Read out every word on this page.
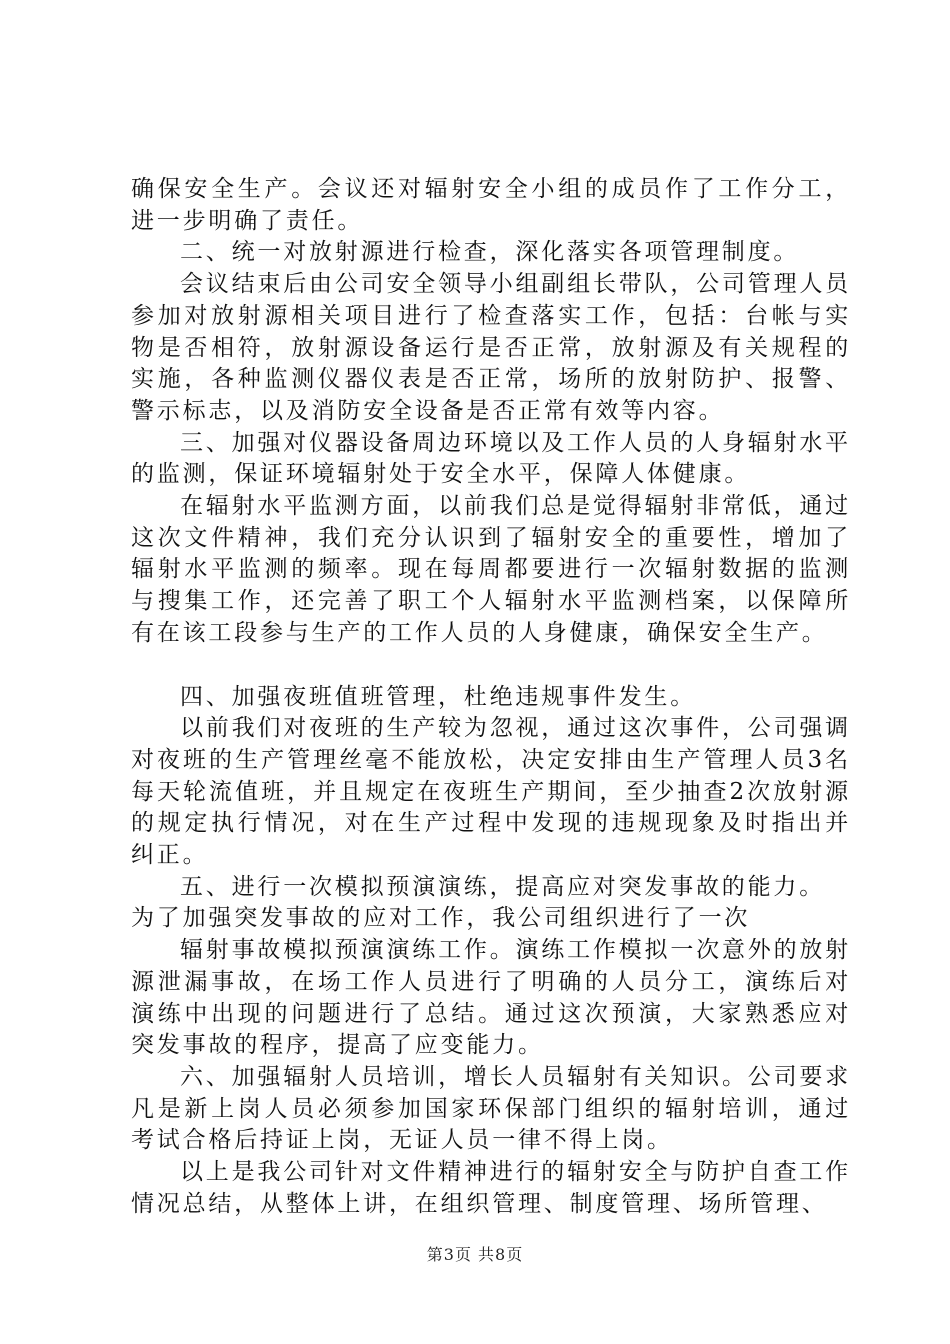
确保安全生产。会议还对辐射安全小组的成员作了工作分工，进一步明确了责任。

二、统一对放射源进行检查，深化落实各项管理制度。

会议结束后由公司安全领导小组副组长带队，公司管理人员参加对放射源相关项目进行了检查落实工作，包括：台帐与实物是否相符，放射源设备运行是否正常，放射源及有关规程的实施，各种监测仪器仪表是否正常，场所的放射防护、报警、警示标志，以及消防安全设备是否正常有效等内容。

三、加强对仪器设备周边环境以及工作人员的人身辐射水平的监测，保证环境辐射处于安全水平，保障人体健康。

在辐射水平监测方面，以前我们总是觉得辐射非常低，通过这次文件精神，我们充分认识到了辐射安全的重要性，增加了辐射水平监测的频率。现在每周都要进行一次辐射数据的监测与搜集工作，还完善了职工个人辐射水平监测档案，以保障所有在该工段参与生产的工作人员的人身健康，确保安全生产。

四、加强夜班值班管理，杜绝违规事件发生。

以前我们对夜班的生产较为忽视，通过这次事件，公司强调对夜班的生产管理丝毫不能放松，决定安排由生产管理人员3名每天轮流值班，并且规定在夜班生产期间，至少抽查2次放射源的规定执行情况，对在生产过程中发现的违规现象及时指出并纠正。

五、进行一次模拟预演演练，提高应对突发事故的能力。

为了加强突发事故的应对工作，我公司组织进行了一次

辐射事故模拟预演演练工作。演练工作模拟一次意外的放射源泄漏事故，在场工作人员进行了明确的人员分工，演练后对演练中出现的问题进行了总结。通过这次预演，大家熟悉应对突发事故的程序，提高了应变能力。

六、加强辐射人员培训，增长人员辐射有关知识。公司要求凡是新上岗人员必须参加国家环保部门组织的辐射培训，通过考试合格后持证上岗，无证人员一律不得上岗。

以上是我公司针对文件精神进行的辐射安全与防护自查工作情况总结，从整体上讲，在组织管理、制度管理、场所管理、

第3页 共8页
